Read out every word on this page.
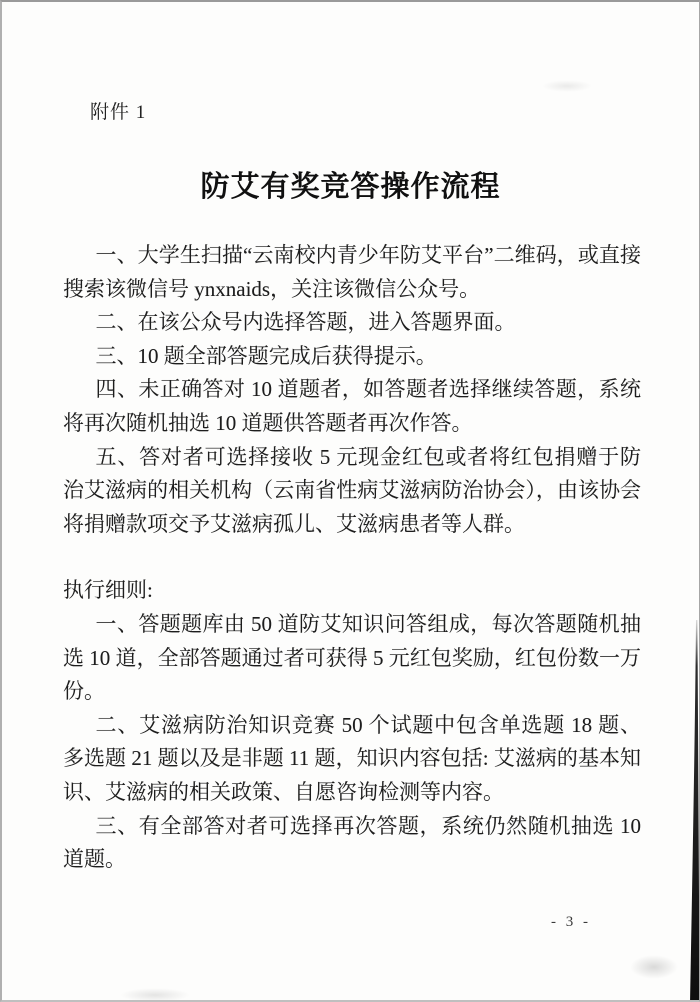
附件 1
防艾有奖竞答操作流程

一、大学生扫描“云南校内青少年防艾平台”二维码，或直接搜索该微信号 ynxnaids，关注该微信公众号。

二、在该公众号内选择答题，进入答题界面。

三、10 题全部答题完成后获得提示。

四、未正确答对 10 道题者，如答题者选择继续答题，系统将再次随机抽选 10 道题供答题者再次作答。

五、答对者可选择接收 5 元现金红包或者将红包捐赠于防治艾滋病的相关机构（云南省性病艾滋病防治协会），由该协会将捐赠款项交予艾滋病孤儿、艾滋病患者等人群。

执行细则:

一、答题题库由 50 道防艾知识问答组成，每次答题随机抽选 10 道，全部答题通过者可获得 5 元红包奖励，红包份数一万份。

二、艾滋病防治知识竞赛 50 个试题中包含单选题 18 题、多选题 21 题以及是非题 11 题，知识内容包括: 艾滋病的基本知识、艾滋病的相关政策、自愿咨询检测等内容。

三、有全部答对者可选择再次答题，系统仍然随机抽选 10 道题。

- 3 -
